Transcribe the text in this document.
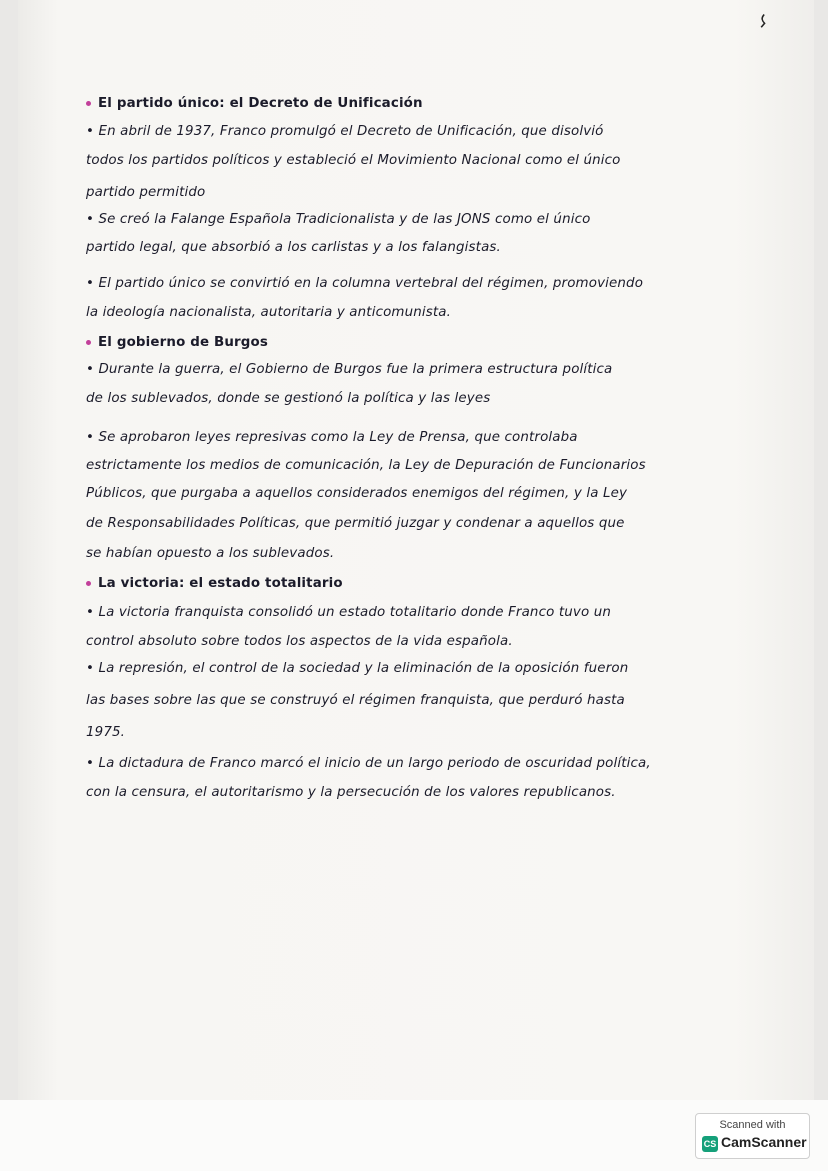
ᓭ
El partido único: el Decreto de Unificación
• En abril de 1937, Franco promulgó el Decreto de Unificación, que disolvió
todos los partidos políticos y estableció el Movimiento Nacional como el único
partido permitido
• Se creó la Falange Española Tradicionalista y de las JONS como el único
partido legal, que absorbió a los carlistas y a los falangistas.
• El partido único se convirtió en la columna vertebral del régimen, promoviendo
la ideología nacionalista, autoritaria y anticomunista.
El gobierno de Burgos
• Durante la guerra, el Gobierno de Burgos fue la primera estructura política
de los sublevados, donde se gestionó la política y las leyes
• Se aprobaron leyes represivas como la Ley de Prensa, que controlaba
estrictamente los medios de comunicación, la Ley de Depuración de Funcionarios
Públicos, que purgaba a aquellos considerados enemigos del régimen, y la Ley
de Responsabilidades Políticas, que permitió juzgar y condenar a aquellos que
se habían opuesto a los sublevados.
La victoria: el estado totalitario
• La victoria franquista consolidó un estado totalitario donde Franco tuvo un
control absoluto sobre todos los aspectos de la vida española.
• La represión, el control de la sociedad y la eliminación de la oposición fueron
las bases sobre las que se construyó el régimen franquista, que perduró hasta
1975.
• La dictadura de Franco marcó el inicio de un largo periodo de oscuridad política,
con la censura, el autoritarismo y la persecución de los valores republicanos.
Scanned with
CS CamScanner
